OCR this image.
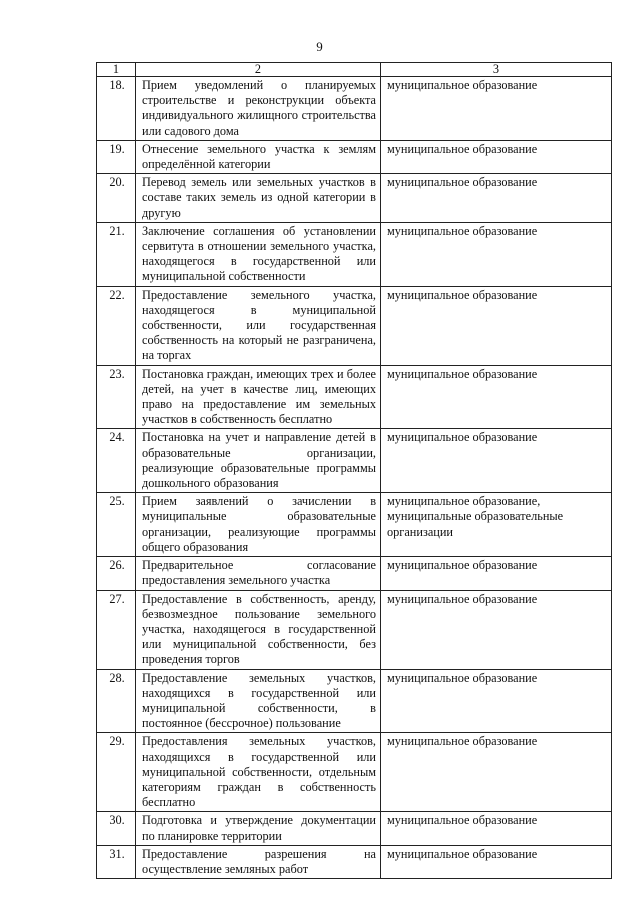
9
1	2	3
18.	Прием уведомлений о планируемых строительстве и реконструкции объекта индивидуального жилищного строительства или садового дома	муниципальное образование
19.	Отнесение земельного участка к землям определённой категории	муниципальное образование
20.	Перевод земель или земельных участков в составе таких земель из одной категории в другую	муниципальное образование
21.	Заключение соглашения об установлении сервитута в отношении земельного участка, находящегося в государственной или муниципальной собственности	муниципальное образование
22.	Предоставление земельного участка, находящегося в муниципальной собственности, или государственная собственность на который не разграничена, на торгах	муниципальное образование
23.	Постановка граждан, имеющих трех и более детей, на учет в качестве лиц, имеющих право на предоставление им земельных участков в собственность бесплатно	муниципальное образование
24.	Постановка на учет и направление детей в образовательные организации, реализующие образовательные программы дошкольного образования	муниципальное образование
25.	Прием заявлений о зачислении в муниципальные образовательные организации, реализующие программы общего образования	муниципальное образование, муниципальные образовательные организации
26.	Предварительное согласование предоставления земельного участка	муниципальное образование
27.	Предоставление в собственность, аренду, безвозмездное пользование земельного участка, находящегося в государственной или муниципальной собственности, без проведения торгов	муниципальное образование
28.	Предоставление земельных участков, находящихся в государственной или муниципальной собственности, в постоянное (бессрочное) пользование	муниципальное образование
29.	Предоставления земельных участков, находящихся в государственной или муниципальной собственности, отдельным категориям граждан в собственность бесплатно	муниципальное образование
30.	Подготовка и утверждение документации по планировке территории	муниципальное образование
31.	Предоставление разрешения на осуществление земляных работ	муниципальное образование
